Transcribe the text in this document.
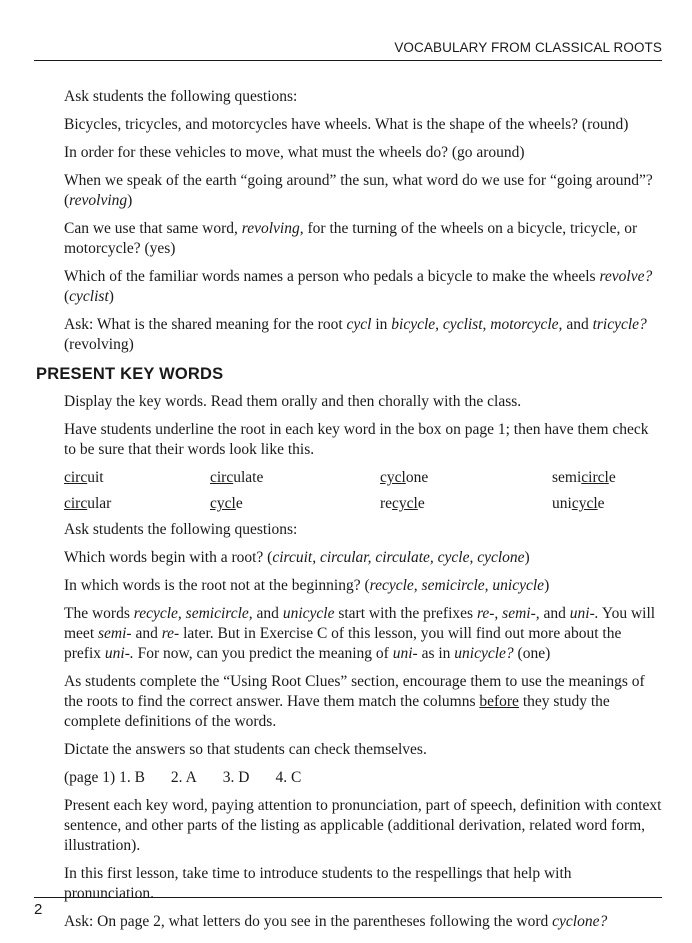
VOCABULARY FROM CLASSICAL ROOTS

Ask students the following questions:

Bicycles, tricycles, and motorcycles have wheels. What is the shape of the wheels? (round)

In order for these vehicles to move, what must the wheels do? (go around)

When we speak of the earth “going around” the sun, what word do we use for “going around”? (revolving)

Can we use that same word, revolving, for the turning of the wheels on a bicycle, tricycle, or motorcycle? (yes)

Which of the familiar words names a person who pedals a bicycle to make the wheels revolve? (cyclist)

Ask: What is the shared meaning for the root cycl in bicycle, cyclist, motorcycle, and tricycle? (revolving)

PRESENT KEY WORDS

Display the key words. Read them orally and then chorally with the class.

Have students underline the root in each key word in the box on page 1; then have them check to be sure that their words look like this.

circuit	circulate	cyclone	semicircle
circular	cycle	recycle	unicycle

Ask students the following questions:

Which words begin with a root? (circuit, circular, circulate, cycle, cyclone)

In which words is the root not at the beginning? (recycle, semicircle, unicycle)

The words recycle, semicircle, and unicycle start with the prefixes re-, semi-, and uni-. You will meet semi- and re- later. But in Exercise C of this lesson, you will find out more about the prefix uni-. For now, can you predict the meaning of uni- as in unicycle? (one)

As students complete the “Using Root Clues” section, encourage them to use the meanings of the roots to find the correct answer. Have them match the columns before they study the complete definitions of the words.

Dictate the answers so that students can check themselves.

(page 1) 1. B 2. A 3. D 4. C

Present each key word, paying attention to pronunciation, part of speech, definition with context sentence, and other parts of the listing as applicable (additional derivation, related word form, illustration).

In this first lesson, take time to introduce students to the respellings that help with pronunciation.

Ask: On page 2, what letters do you see in the parentheses following the word cyclone?

2
